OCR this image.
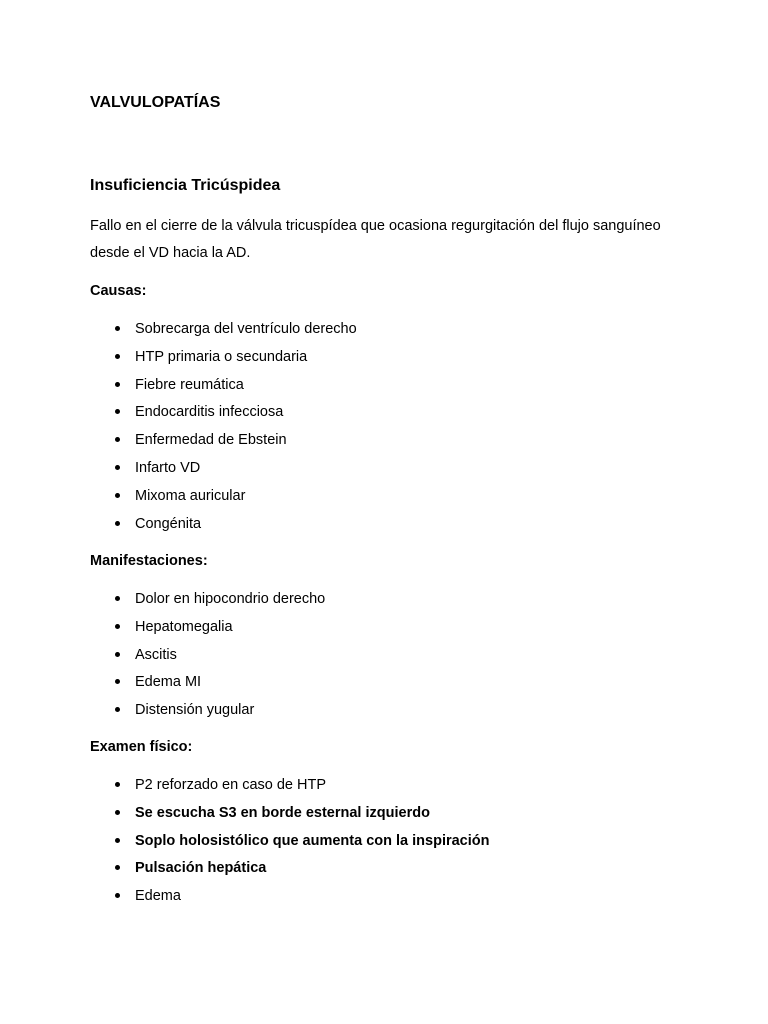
VALVULOPATÍAS
Insuficiencia Tricúspidea

Fallo en el cierre de la válvula tricuspídea que ocasiona regurgitación del flujo sanguíneo desde el VD hacia la AD.

Causas:

Sobrecarga del ventrículo derecho
HTP primaria o secundaria
Fiebre reumática
Endocarditis infecciosa
Enfermedad de Ebstein
Infarto VD
Mixoma auricular
Congénita

Manifestaciones:

Dolor en hipocondrio derecho
Hepatomegalia
Ascitis
Edema MI
Distensión yugular

Examen físico:

P2 reforzado en caso de HTP
Se escucha S3 en borde esternal izquierdo
Soplo holosistólico que aumenta con la inspiración
Pulsación hepática
Edema
